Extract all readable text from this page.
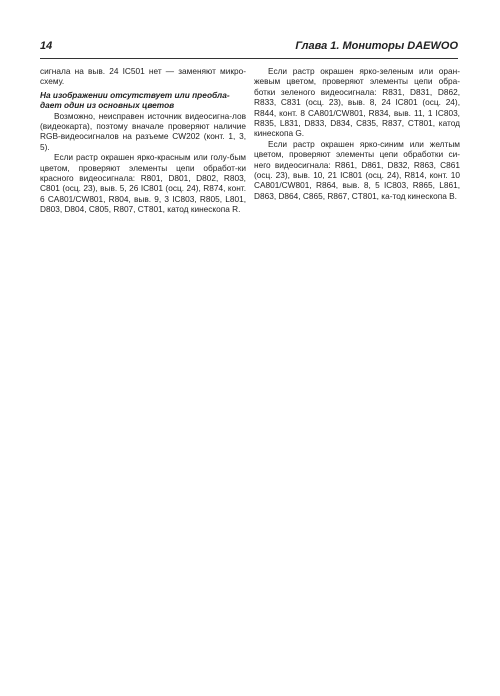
14	Глава 1. Мониторы DAEWOO

сигнала на выв. 24 IC501 нет — заменяют микро-схему.

На изображении отсутствует или преобла-дает один из основных цветов

Возможно, неисправен источник видеосигна-лов (видеокарта), поэтому вначале проверяют наличие RGB-видеосигналов на разъеме CW202 (конт. 1, 3, 5).

Если растр окрашен ярко-красным или голу-бым цветом, проверяют элементы цепи обработ-ки красного видеосигнала: R801, D801, D802, R803, C801 (осц. 23), выв. 5, 26 IC801 (осц. 24), R874, конт. 6 CA801/CW801, R804, выв. 9, 3 IC803, R805, L801, D803, D804, C805, R807, CT801, катод кинескопа R.

Если растр окрашен ярко-зеленым или оран-жевым цветом, проверяют элементы цепи обра-ботки зеленого видеосигнала: R831, D831, D862, R833, C831 (осц. 23), выв. 8, 24 IC801 (осц. 24), R844, конт. 8 CA801/CW801, R834, выв. 11, 1 IC803, R835, L831, D833, D834, C835, R837, CT801, катод кинескопа G.

Если растр окрашен ярко-синим или желтым цветом, проверяют элементы цепи обработки си-него видеосигнала: R861, D861, D832, R863, C861 (осц. 23), выв. 10, 21 IC801 (осц. 24), R814, конт. 10 CA801/CW801, R864, выв. 8, 5 IC803, R865, L861, D863, D864, C865, R867, CT801, ка-тод кинескопа B.
